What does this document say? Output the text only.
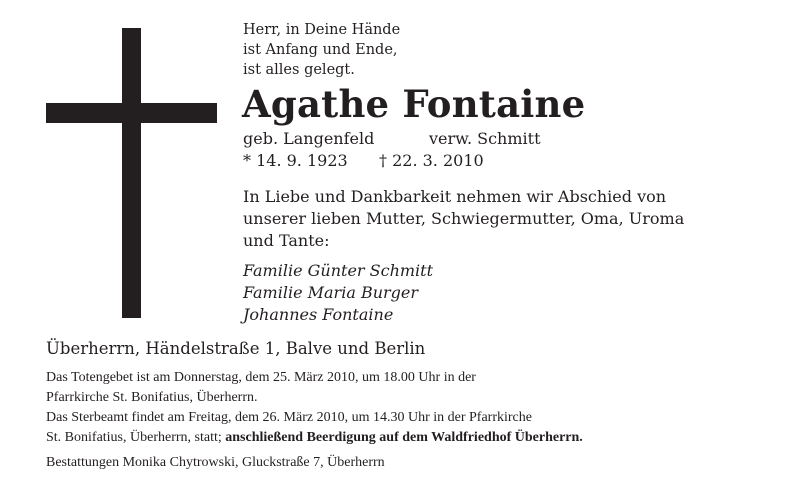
Herr, in Deine Hände
ist Anfang und Ende,
ist alles gelegt.
Agathe Fontaine
geb. Langenfeld	verw. Schmitt
* 14. 9. 1923 † 22. 3. 2010
In Liebe und Dankbarkeit nehmen wir Abschied von
unserer lieben Mutter, Schwiegermutter, Oma, Uroma
und Tante:
Familie Günter Schmitt
Familie Maria Burger
Johannes Fontaine
Überherrn, Händelstraße 1, Balve und Berlin
Das Totengebet ist am Donnerstag, dem 25. März 2010, um 18.00 Uhr in der
Pfarrkirche St. Bonifatius, Überherrn.
Das Sterbeamt findet am Freitag, dem 26. März 2010, um 14.30 Uhr in der Pfarrkirche
St. Bonifatius, Überherrn, statt; anschließend Beerdigung auf dem Waldfriedhof Überherrn.
Bestattungen Monika Chytrowski, Gluckstraße 7, Überherrn
